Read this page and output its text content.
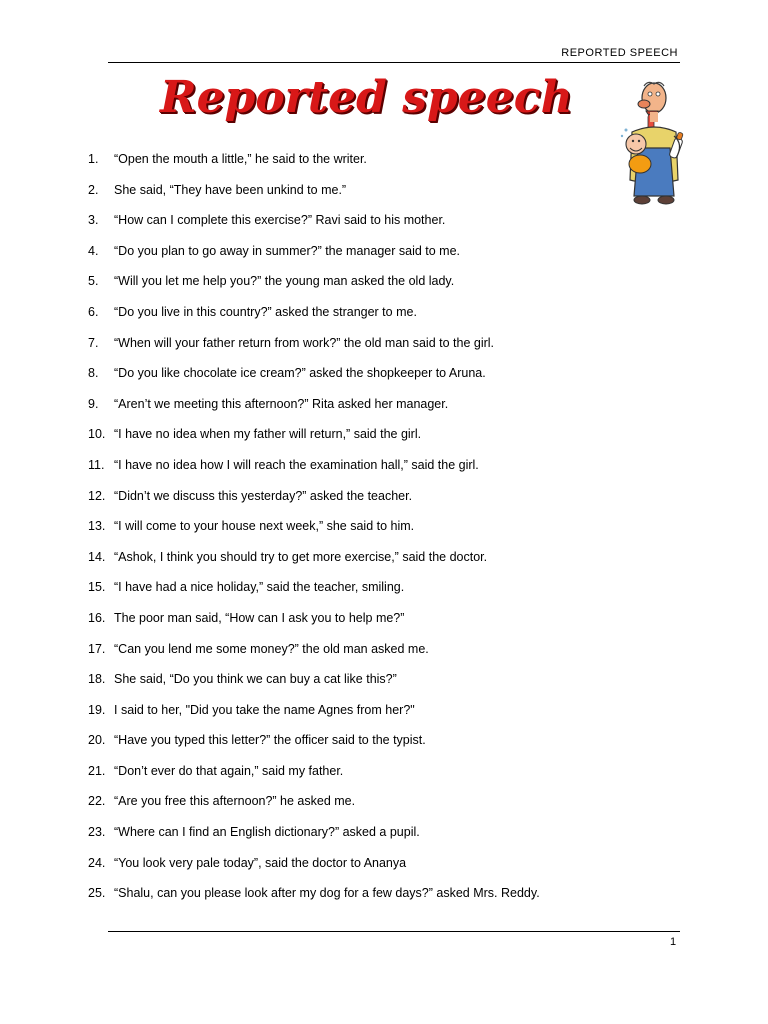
REPORTED SPEECH
Reported speech
1.	“Open the mouth a little,” he said to the writer.
2.	She said, “They have been unkind to me.”
3.	“How can I complete this exercise?” Ravi said to his mother.
4.	“Do you plan to go away in summer?” the manager said to me.
5.	“Will you let me help you?” the young man asked the old lady.
6.	“Do you live in this country?” asked the stranger to me.
7.	“When will your father return from work?” the old man said to the girl.
8.	“Do you like chocolate ice cream?” asked the shopkeeper to Aruna.
9.	“Aren’t we meeting this afternoon?” Rita asked her manager.
10. “I have no idea when my father will return,” said the girl.
11. “I have no idea how I will reach the examination hall,” said the girl.
12. “Didn’t we discuss this yesterday?” asked the teacher.
13. “I will come to your house next week,” she said to him.
14. “Ashok, I think you should try to get more exercise,” said the doctor.
15. “I have had a nice holiday,” said the teacher, smiling.
16. The poor man said, “How can I ask you to help me?”
17. “Can you lend me some money?” the old man asked me.
18. She said, “Do you think we can buy a cat like this?”
19. I said to her, "Did you take the name Agnes from her?"
20. “Have you typed this letter?” the officer said to the typist.
21. “Don’t ever do that again,” said my father.
22. “Are you free this afternoon?” he asked me.
23. “Where can I find an English dictionary?” asked a pupil.
24. “You look very pale today”, said the doctor to Ananya
25. “Shalu, can you please look after my dog for a few days?” asked Mrs. Reddy.
1
